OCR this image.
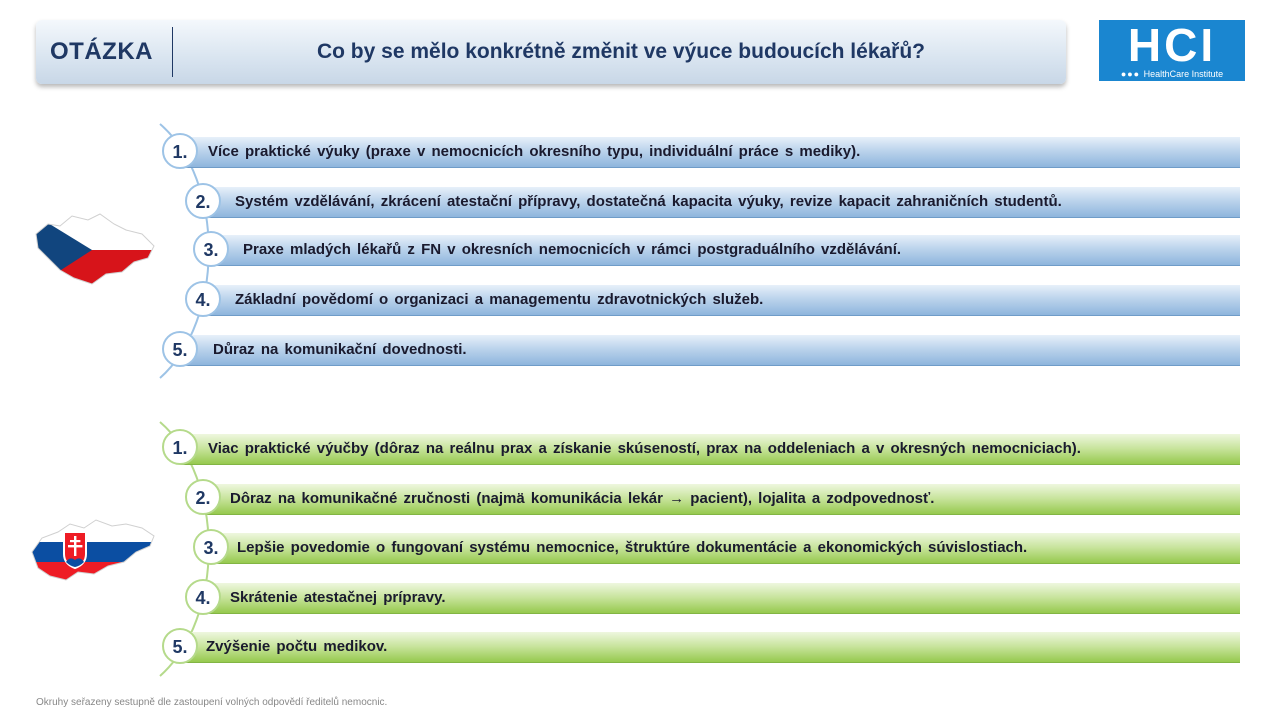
OTÁZKA	Co by se mělo konkrétně změnit ve výuce budoucích lékařů?	HCI
●●● HealthCare Institute
Více praktické výuky (praxe v nemocnicích okresního typu, individuální práce s mediky).
1.
Systém vzdělávání, zkrácení atestační přípravy, dostatečná kapacita výuky, revize kapacit zahraničních studentů.
2.
Praxe mladých lékařů z FN v okresních nemocnicích v rámci postgraduálního vzdělávání.
3.
Základní povědomí o organizaci a managementu zdravotnických služeb.
4.
Důraz na komunikační dovednosti.
5.
Viac praktické výučby (dôraz na reálnu prax a získanie skúseností, prax na oddeleniach a v okresných nemocniciach).
1.
Dôraz na komunikačné zručnosti (najmä komunikácia lekár → pacient), lojalita a zodpovednosť.
2.
Lepšie povedomie o fungovaní systému nemocnice, štruktúre dokumentácie a ekonomických súvislostiach.
3.
Skrátenie atestačnej prípravy.
4.
Zvýšenie počtu medikov.
5.
Okruhy seřazeny sestupně dle zastoupení volných odpovědí ředitelů nemocnic.
